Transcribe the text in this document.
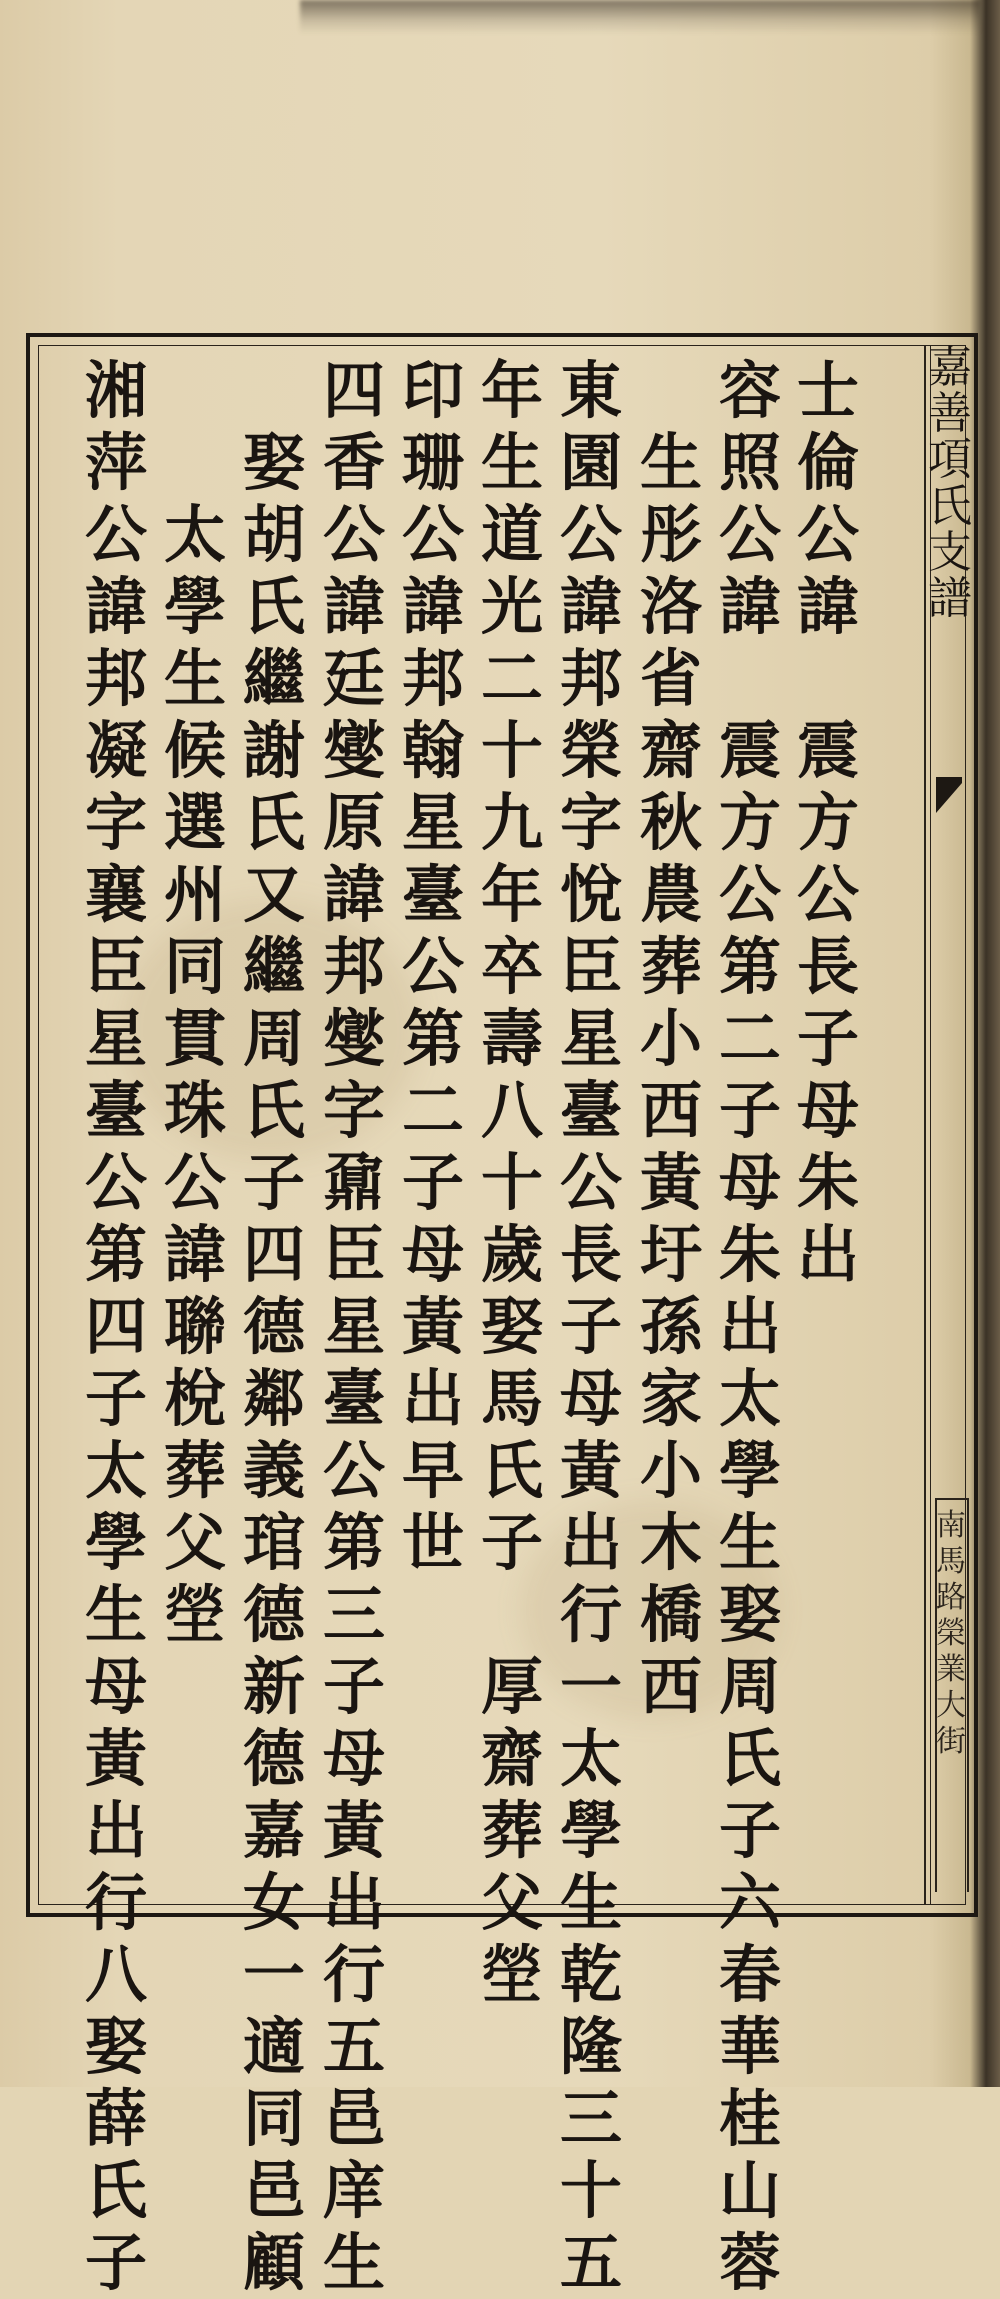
嘉
善
項
氏
支
譜
南
馬
路
榮
業
大
街
士
倫
公
諱
震
方
公
長
子
母
朱
出
容
照
公
諱
震
方
公
第
二
子
母
朱
出
太
學
生
娶
周
氏
子
六
春
華
桂
山
蓉
生
彤
洛
省
齋
秋
農
葬
小
西
黃
圩
孫
家
小
木
橋
西
東
園
公
諱
邦
榮
字
悅
臣
星
臺
公
長
子
母
黃
出
行
一
太
學
生
乾
隆
三
十
五
年
生
道
光
二
十
九
年
卒
壽
八
十
歲
娶
馬
氏
子
厚
齋
葬
父
塋
印
珊
公
諱
邦
翰
星
臺
公
第
二
子
母
黃
出
早
世
四
香
公
諱
廷
燮
原
諱
邦
燮
字
鼐
臣
星
臺
公
第
三
子
母
黃
出
行
五
邑
庠
生
娶
胡
氏
繼
謝
氏
又
繼
周
氏
子
四
德
鄰
義
琯
德
新
德
嘉
女
一
適
同
邑
顧
太
學
生
候
選
州
同
貫
珠
公
諱
聯
梲
葬
父
塋
湘
萍
公
諱
邦
凝
字
襄
臣
星
臺
公
第
四
子
太
學
生
母
黃
出
行
八
娶
薛
氏
子
